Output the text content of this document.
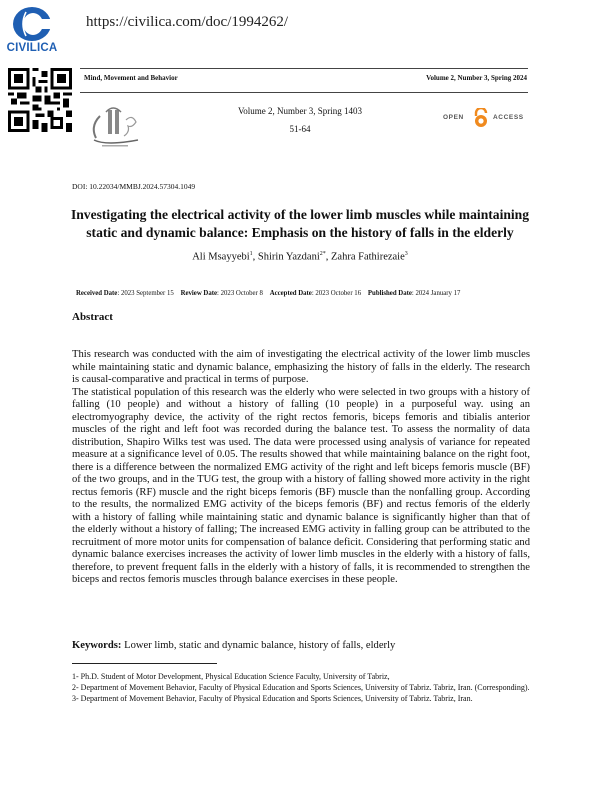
CIVILICA
https://civilica.com/doc/1994262/
Mind, Movement and Behavior	Volume 2, Number 3, Spring 2024
Volume 2, Number 3, Spring 1403
51-64
OPEN	ACCESS
DOI: 10.22034/MMBJ.2024.57304.1049
Investigating the electrical activity of the lower limb muscles while maintaining
static and dynamic balance: Emphasis on the history of falls in the elderly
Ali Msayyebi$^1$, Shirin Yazdani$^{2*}$, Zahra Fathirezaie$^3$
Received Date: 2023 September 15 Review Date: 2023 October 8 Accepted Date: 2023 October 16 Published Date: 2024 January 17
Abstract

This research was conducted with the aim of investigating the electrical activity of the lower limb muscles while maintaining static and dynamic balance, emphasizing the history of falls in the elderly. The research is causal-comparative and practical in terms of purpose.

The statistical population of this research was the elderly who were selected in two groups with a history of falling (10 people) and without a history of falling (10 people) in a purposeful way. using an electromyography device, the activity of the right rectos femoris, biceps femoris and tibialis anterior muscles of the right and left foot was recorded during the balance test. To assess the normality of data distribution, Shapiro Wilks test was used. The data were processed using analysis of variance for repeated measure at a significance level of 0.05. The results showed that while maintaining balance on the right foot, there is a difference between the normalized EMG activity of the right and left biceps femoris muscle (BF) of the two groups, and in the TUG test, the group with a history of falling showed more activity in the right rectus femoris (RF) muscle and the right biceps femoris (BF) muscle than the nonfalling group. According to the results, the normalized EMG activity of the biceps femoris (BF) and rectus femoris of the elderly with a history of falling while maintaining static and dynamic balance is significantly higher than that of the elderly without a history of falling; The increased EMG activity in falling group can be attributed to the recruitment of more motor units for compensation of balance deficit. Considering that performing static and dynamic balance exercises increases the activity of lower limb muscles in the elderly with a history of falls, therefore, to prevent frequent falls in the elderly with a history of falls, it is recommended to strengthen the biceps and rectos femoris muscles through balance exercises in these people.

Keywords: Lower limb, static and dynamic balance, history of falls, elderly
1- Ph.D. Student of Motor Development, Physical Education Science Faculty, University of Tabriz,
2- Department of Movement Behavior, Faculty of Physical Education and Sports Sciences, University of Tabriz. Tabriz, Iran. (Corresponding).
3- Department of Movement Behavior, Faculty of Physical Education and Sports Sciences, University of Tabriz. Tabriz, Iran.
